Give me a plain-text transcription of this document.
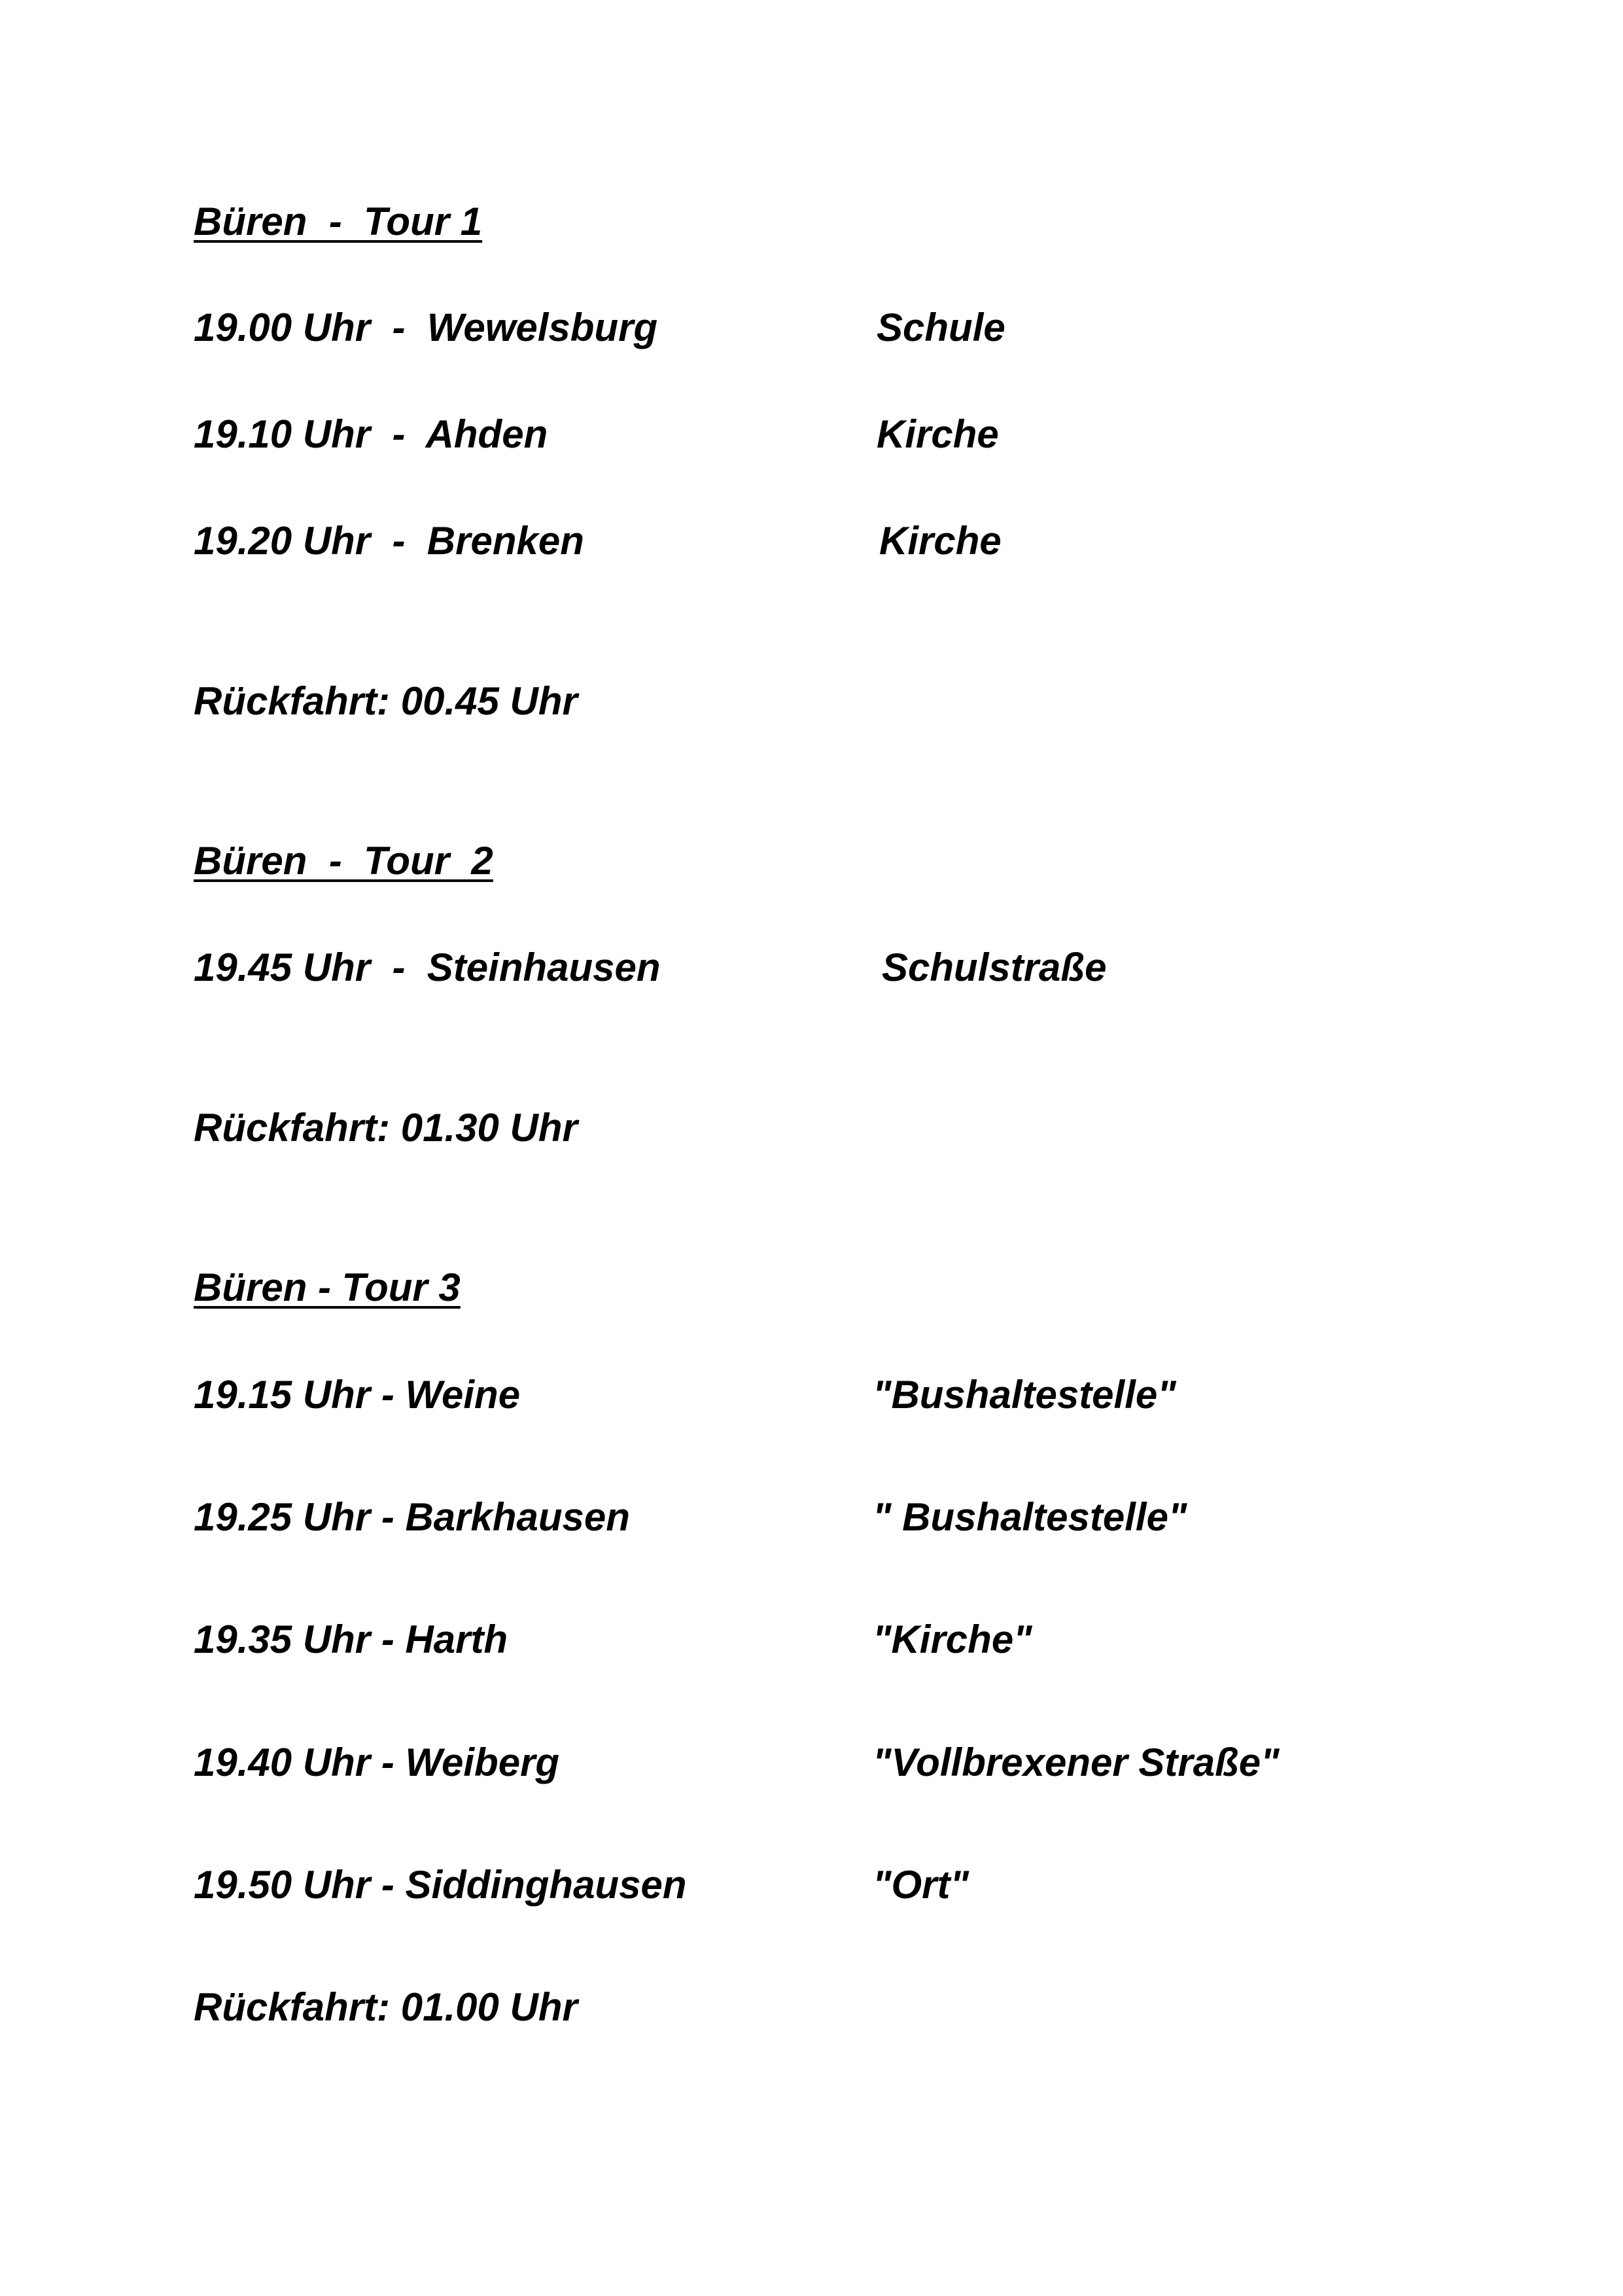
Büren  -  Tour 1
19.00 Uhr  -  Wewelsburg	Schule
19.10 Uhr  -  Ahden	Kirche
19.20 Uhr  -  Brenken	Kirche
Rückfahrt: 00.45 Uhr
Büren  -  Tour  2
19.45 Uhr  -  Steinhausen	Schulstraße
Rückfahrt: 01.30 Uhr
Büren - Tour 3
19.15 Uhr - Weine	"Bushaltestelle"
19.25 Uhr - Barkhausen	" Bushaltestelle"
19.35 Uhr - Harth	"Kirche"
19.40 Uhr - Weiberg	"Vollbrexener Straße"
19.50 Uhr - Siddinghausen	"Ort"
Rückfahrt: 01.00 Uhr
